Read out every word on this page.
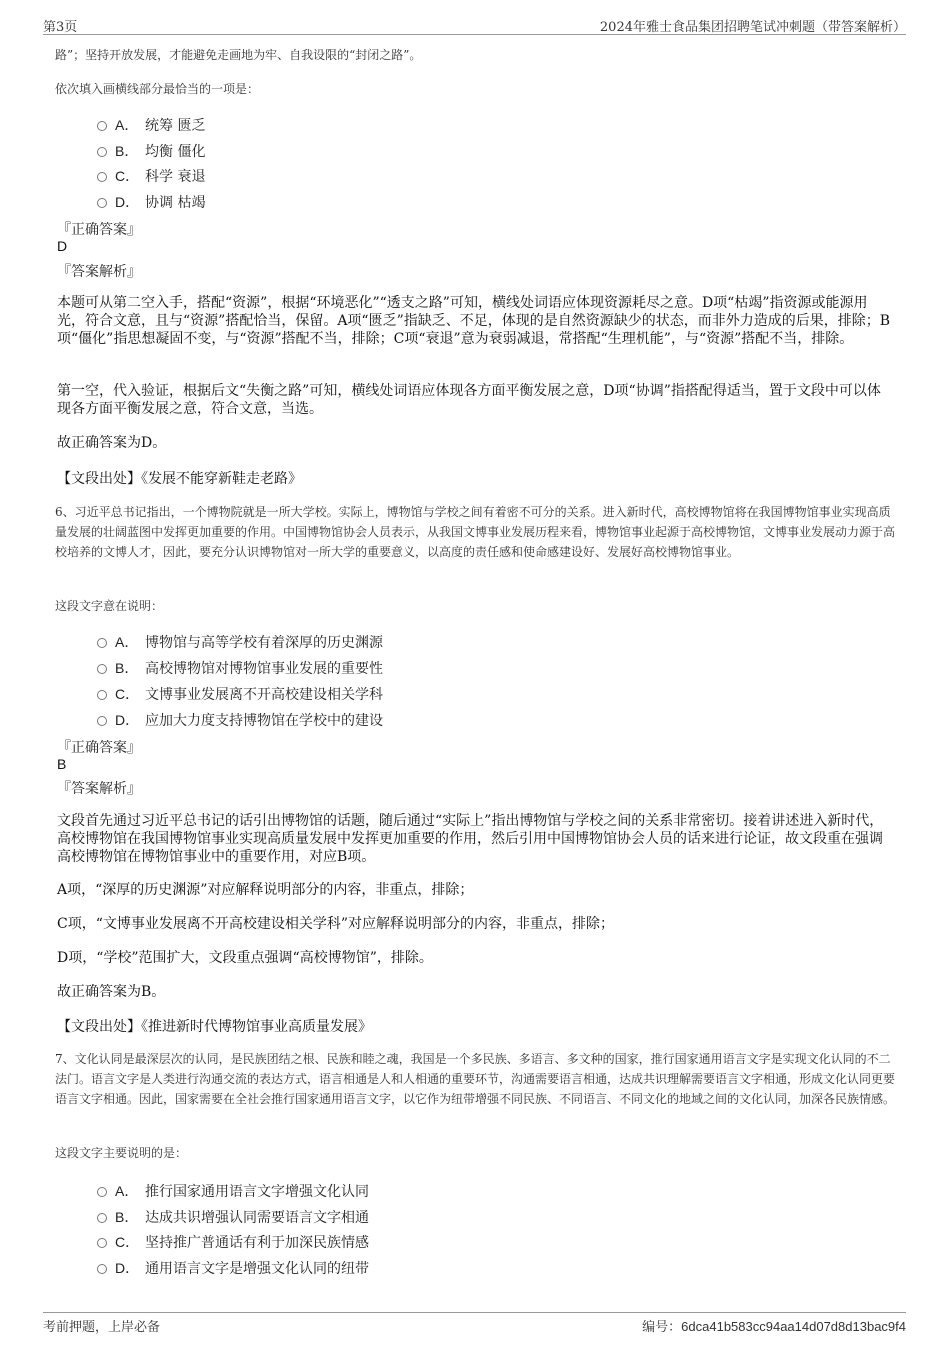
第3页	2024年雅士食品集团招聘笔试冲刺题（带答案解析）
路”；坚持开放发展，才能避免走画地为牢、自我设限的“封闭之路”。
依次填入画横线部分最恰当的一项是：
A． 统筹 匮乏
B． 均衡 僵化
C． 科学 衰退
D． 协调 枯竭
『正确答案』
D
『答案解析』
本题可从第二空入手，搭配“资源”，根据“环境恶化”“透支之路”可知，横线处词语应体现资源耗尽之意。D项“枯竭”指资源或能源用光，符合文意，且与“资源”搭配恰当，保留。A项“匮乏”指缺乏、不足，体现的是自然资源缺少的状态，而非外力造成的后果，排除；B项“僵化”指思想凝固不变，与“资源”搭配不当，排除；C项“衰退”意为衰弱减退，常搭配“生理机能”，与“资源”搭配不当，排除。
第一空，代入验证，根据后文“失衡之路”可知，横线处词语应体现各方面平衡发展之意，D项“协调”指搭配得适当，置于文段中可以体现各方面平衡发展之意，符合文意，当选。
故正确答案为D。
【文段出处】《发展不能穿新鞋走老路》
6、习近平总书记指出，一个博物院就是一所大学校。实际上，博物馆与学校之间有着密不可分的关系。进入新时代，高校博物馆将在我国博物馆事业实现高质量发展的壮阔蓝图中发挥更加重要的作用。中国博物馆协会人员表示，从我国文博事业发展历程来看，博物馆事业起源于高校博物馆，文博事业发展动力源于高校培养的文博人才，因此，要充分认识博物馆对一所大学的重要意义，以高度的责任感和使命感建设好、发展好高校博物馆事业。
这段文字意在说明：
A． 博物馆与高等学校有着深厚的历史渊源
B． 高校博物馆对博物馆事业发展的重要性
C． 文博事业发展离不开高校建设相关学科
D． 应加大力度支持博物馆在学校中的建设
『正确答案』
B
『答案解析』
文段首先通过习近平总书记的话引出博物馆的话题，随后通过“实际上”指出博物馆与学校之间的关系非常密切。接着讲述进入新时代，高校博物馆在我国博物馆事业实现高质量发展中发挥更加重要的作用，然后引用中国博物馆协会人员的话来进行论证，故文段重在强调高校博物馆在博物馆事业中的重要作用，对应B项。
A项，“深厚的历史渊源”对应解释说明部分的内容，非重点，排除；
C项，“文博事业发展离不开高校建设相关学科”对应解释说明部分的内容，非重点，排除；
D项，“学校”范围扩大，文段重点强调“高校博物馆”，排除。
故正确答案为B。
【文段出处】《推进新时代博物馆事业高质量发展》
7、文化认同是最深层次的认同，是民族团结之根、民族和睦之魂，我国是一个多民族、多语言、多文种的国家，推行国家通用语言文字是实现文化认同的不二法门。语言文字是人类进行沟通交流的表达方式，语言相通是人和人相通的重要环节，沟通需要语言相通，达成共识理解需要语言文字相通，形成文化认同更要语言文字相通。因此，国家需要在全社会推行国家通用语言文字，以它作为纽带增强不同民族、不同语言、不同文化的地域之间的文化认同，加深各民族情感。
这段文字主要说明的是：
A． 推行国家通用语言文字增强文化认同
B． 达成共识增强认同需要语言文字相通
C． 坚持推广普通话有利于加深民族情感
D． 通用语言文字是增强文化认同的纽带
考前押题，上岸必备	编号：6dca41b583cc94aa14d07d8d13bac9f4
